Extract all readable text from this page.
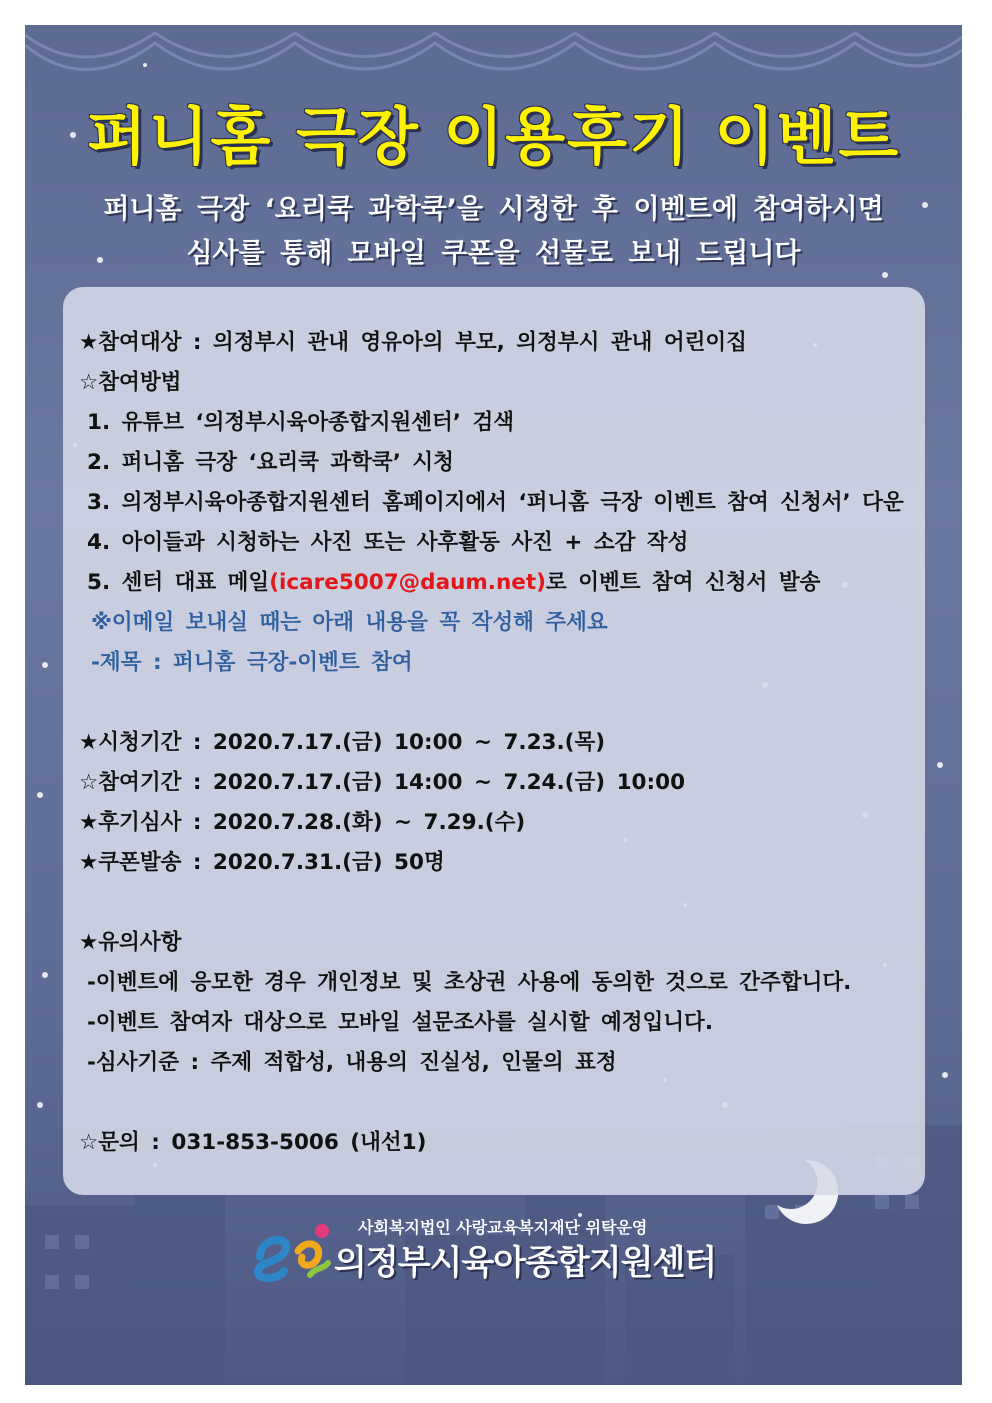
퍼니홈 극장 이용후기 이벤트
퍼니홈 극장 ‘요리쿡 과학쿡’을 시청한 후 이벤트에 참여하시면
심사를 통해 모바일 쿠폰을 선물로 보내 드립니다
★참여대상 : 의정부시 관내 영유아의 부모, 의정부시 관내 어린이집
☆참여방법
1. 유튜브 ‘의정부시육아종합지원센터’ 검색
2. 퍼니홈 극장 ‘요리쿡 과학쿡’ 시청
3. 의정부시육아종합지원센터 홈페이지에서 ‘퍼니홈 극장 이벤트 참여 신청서’ 다운
4. 아이들과 시청하는 사진 또는 사후활동 사진 + 소감 작성
5. 센터 대표 메일(icare5007@daum.net)로 이벤트 참여 신청서 발송
※이메일 보내실 때는 아래 내용을 꼭 작성해 주세요
-제목 : 퍼니홈 극장-이벤트 참여
★시청기간 : 2020.7.17.(금) 10:00 ~ 7.23.(목)
☆참여기간 : 2020.7.17.(금) 14:00 ~ 7.24.(금) 10:00
★후기심사 : 2020.7.28.(화) ~ 7.29.(수)
★쿠폰발송 : 2020.7.31.(금) 50명
★유의사항
-이벤트에 응모한 경우 개인정보 및 초상권 사용에 동의한 것으로 간주합니다.
-이벤트 참여자 대상으로 모바일 설문조사를 실시할 예정입니다.
-심사기준 : 주제 적합성, 내용의 진실성, 인물의 표정
☆문의 : 031-853-5006 (내선1)
사회복지법인 사랑교육복지재단 위탁운영
의정부시육아종합지원센터
